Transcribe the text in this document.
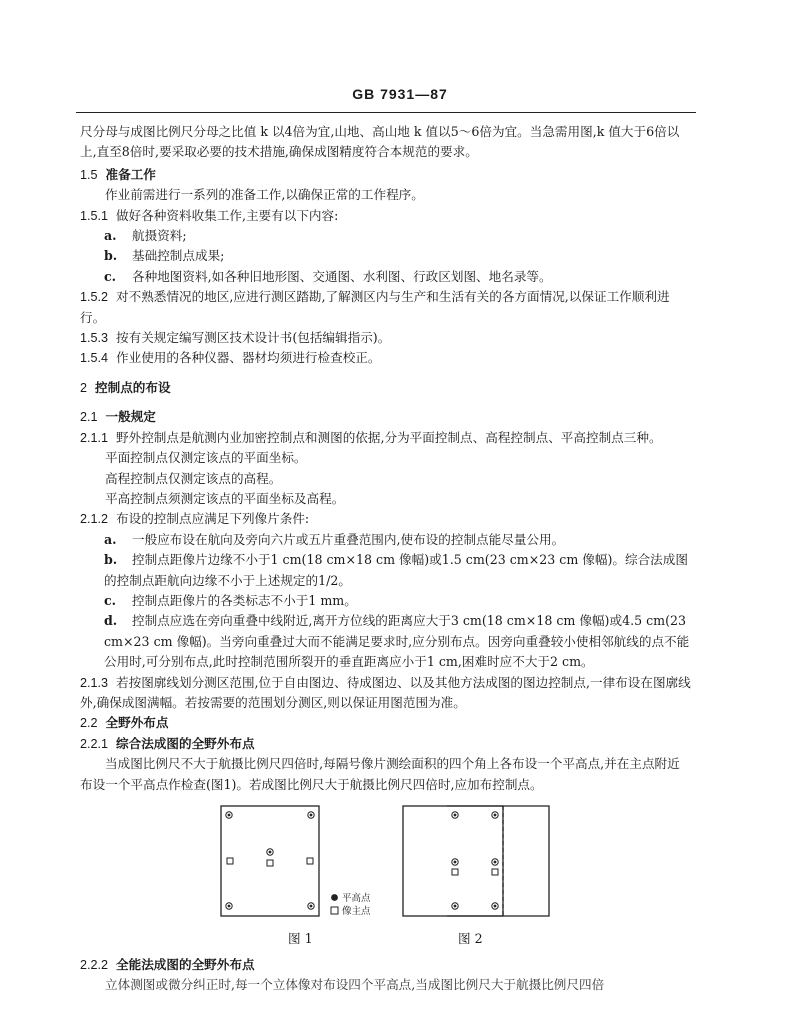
GB 7931—87

尺分母与成图比例尺分母之比值 k 以4倍为宜,山地、高山地 k 值以5～6倍为宜。当急需用图,k 值大于6倍以上,直至8倍时,要采取必要的技术措施,确保成图精度符合本规范的要求。

1.5 准备工作

作业前需进行一系列的准备工作,以确保正常的工作程序。

1.5.1 做好各种资料收集工作,主要有以下内容:

a. 航摄资料;

b. 基础控制点成果;

c. 各种地图资料,如各种旧地形图、交通图、水利图、行政区划图、地名录等。

1.5.2 对不熟悉情况的地区,应进行测区踏勘,了解测区内与生产和生活有关的各方面情况,以保证工作顺利进行。

1.5.3 按有关规定编写测区技术设计书(包括编辑指示)。

1.5.4 作业使用的各种仪器、器材均须进行检查校正。

2 控制点的布设

2.1 一般规定

2.1.1 野外控制点是航测内业加密控制点和测图的依据,分为平面控制点、高程控制点、平高控制点三种。

平面控制点仅测定该点的平面坐标。

高程控制点仅测定该点的高程。

平高控制点须测定该点的平面坐标及高程。

2.1.2 布设的控制点应满足下列像片条件:

a. 一般应布设在航向及旁向六片或五片重叠范围内,使布设的控制点能尽量公用。

b. 控制点距像片边缘不小于1 cm(18 cm×18 cm 像幅)或1.5 cm(23 cm×23 cm 像幅)。综合法成图的控制点距航向边缘不小于上述规定的1/2。

c. 控制点距像片的各类标志不小于1 mm。

d. 控制点应选在旁向重叠中线附近,离开方位线的距离应大于3 cm(18 cm×18 cm 像幅)或4.5 cm(23 cm×23 cm 像幅)。当旁向重叠过大而不能满足要求时,应分别布点。因旁向重叠较小使相邻航线的点不能公用时,可分别布点,此时控制范围所裂开的垂直距离应小于1 cm,困难时应不大于2 cm。

2.1.3 若按图廓线划分测区范围,位于自由图边、待成图边、以及其他方法成图的图边控制点,一律布设在图廓线外,确保成图满幅。若按需要的范围划分测区,则以保证用图范围为准。

2.2 全野外布点

2.2.1 综合法成图的全野外布点

当成图比例尺不大于航摄比例尺四倍时,每隔号像片测绘面积的四个角上各布设一个平高点,并在主点附近布设一个平高点作检查(图1)。若成图比例尺大于航摄比例尺四倍时,应加布控制点。

平高点
像主点
图 1	图 2

2.2.2 全能法成图的全野外布点

立体测图或微分纠正时,每一个立体像对布设四个平高点,当成图比例尺大于航摄比例尺四倍
